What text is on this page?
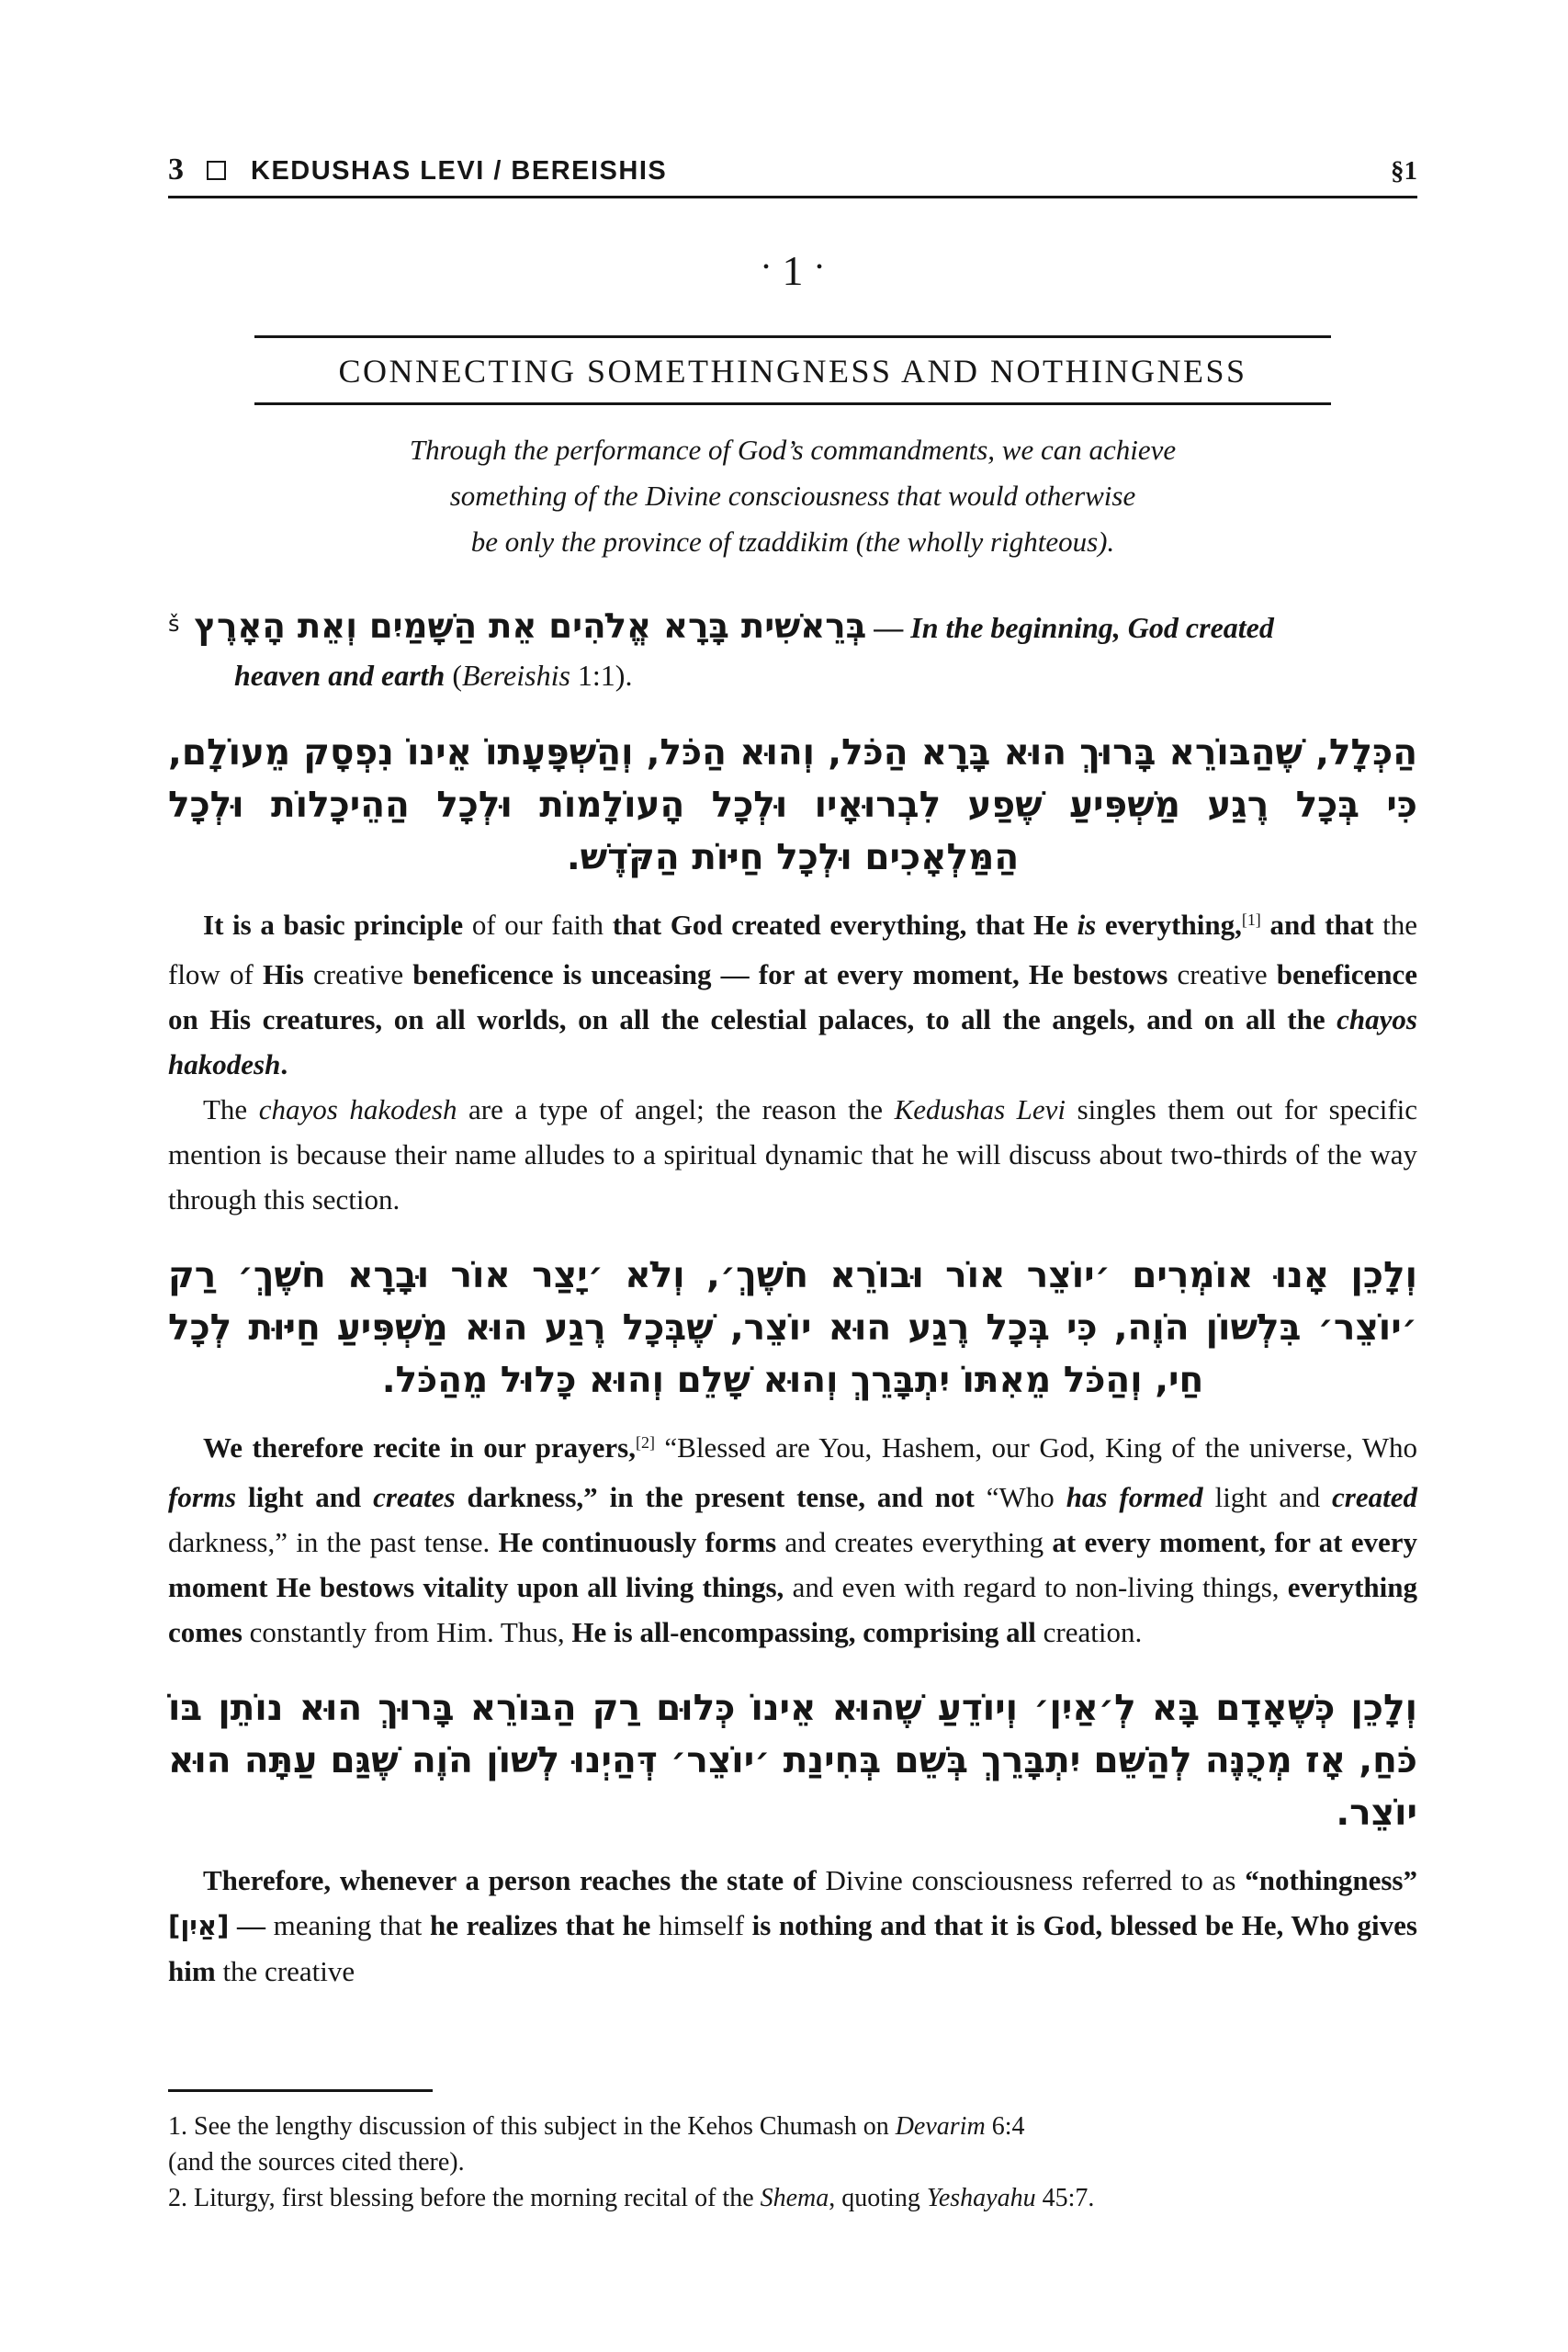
3	KEDUSHAS LEVI / BEREISHIS	§1
• 1 •
CONNECTING SOMETHINGNESS AND NOTHINGNESS
Through the performance of God’s commandments, we can achieve
something of the Divine consciousness that would otherwise
be only the province of tzaddikim (the wholly righteous).

$^š$ בְּרֵאשִׁית בָּרָא אֱלֹהִים אֵת הַשָּׁמַיִם וְאֵת הָאָרֶץ — In the beginning, God created heaven and earth (Bereishis 1:1).

הַכְּלָל, שֶׁהַבּוֹרֵא בָּרוּךְ הוּא בָּרָא הַכֹּל, וְהוּא הַכֹּל, וְהַשְׁפָּעָתוֹ אֵינוֹ נִפְסָק מֵעוֹלָם, כִּי בְּכָל רֶגַע מַשְׁפִּיעַ שֶׁפַע לִבְרוּאָיו וּלְכָל הָעוֹלָמוֹת וּלְכָל הַהֵיכָלוֹת וּלְכָל הַמַּלְאָכִים וּלְכָל חַיּוֹת הַקֹּדֶשׁ.

It is a basic principle of our faith that God created everything, that He is everything,[1] and that the flow of His creative beneficence is unceasing — for at every moment, He bestows creative beneficence on His creatures, on all worlds, on all the celestial palaces, to all the angels, and on all the chayos hakodesh.

The chayos hakodesh are a type of angel; the reason the Kedushas Levi singles them out for specific mention is because their name alludes to a spiritual dynamic that he will discuss about two-thirds of the way through this section.

וְלָכֵן אָנוּ אוֹמְרִים ׳יוֹצֵר אוֹר וּבוֹרֵא חֹשֶׁךְ׳, וְלֹא ׳יָצַר אוֹר וּבָרָא חֹשֶׁךְ׳ רַק ׳יוֹצֵר׳ בִּלְשׁוֹן הֹוֶה, כִּי בְּכָל רֶגַע הוּא יוֹצֵר, שֶׁבְּכָל רֶגַע הוּא מַשְׁפִּיעַ חַיּוּת לְכָל חַי, וְהַכֹּל מֵאִתּוֹ יִתְבָּרֵךְ וְהוּא שָׁלֵם וְהוּא כָּלוּל מֵהַכֹּל.

We therefore recite in our prayers,[2] “Blessed are You, Hashem, our God, King of the universe, Who forms light and creates darkness,” in the present tense, and not “Who has formed light and created darkness,” in the past tense. He continuously forms and creates everything at every moment, for at every moment He bestows vitality upon all living things, and even with regard to non-living things, everything comes constantly from Him. Thus, He is all-encompassing, comprising all creation.

וְלָכֵן כְּשֶׁאָדָם בָּא לְ׳אַיִן׳ וְיוֹדֵעַ שֶׁהוּא אֵינוֹ כְּלוּם רַק הַבּוֹרֵא בָּרוּךְ הוּא נוֹתֵן בּוֹ כֹּחַ, אָז מְכֻנֶּה לְהַשֵּׁם יִתְבָּרֵךְ בְּשֵׁם בְּחִינַת ׳יוֹצֵר׳ דְּהַיְנוּ לְשׁוֹן הֹוֶה שֶׁגַּם עַתָּה הוּא יוֹצֵר.

Therefore, whenever a person reaches the state of Divine consciousness referred to as “nothingness” [אַיִן] — meaning that he realizes that he himself is nothing and that it is God, blessed be He, Who gives him the creative

1. See the lengthy discussion of this subject in the Kehos Chumash on Devarim 6:4
(and the sources cited there).
2. Liturgy, first blessing before the morning recital of the Shema, quoting Yeshayahu 45:7.
